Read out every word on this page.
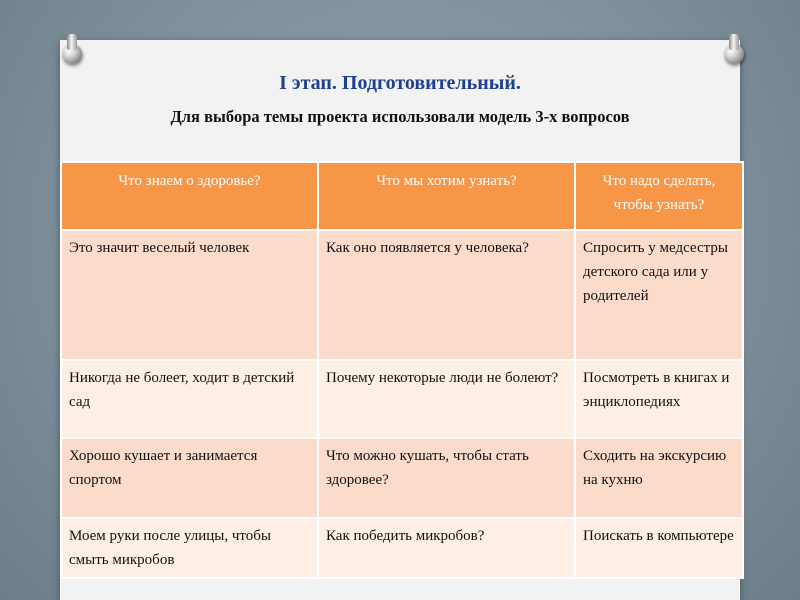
I этап. Подготовительный.
Для выбора темы проекта использовали модель 3-х вопросов
Что знаем о здоровье?	Что мы хотим узнать?	Что надо сделать, чтобы узнать?
Это значит веселый человек	Как оно появляется у человека?	Спросить у медсестры детского сада или у родителей
Никогда не болеет, ходит в детский сад	Почему некоторые люди не болеют?	Посмотреть в книгах и энциклопедиях
Хорошо кушает и занимается спортом	Что можно кушать, чтобы стать здоровее?	Сходить на экскурсию на кухню
Моем руки после улицы, чтобы смыть микробов	Как победить микробов?	Поискать в компьютере
